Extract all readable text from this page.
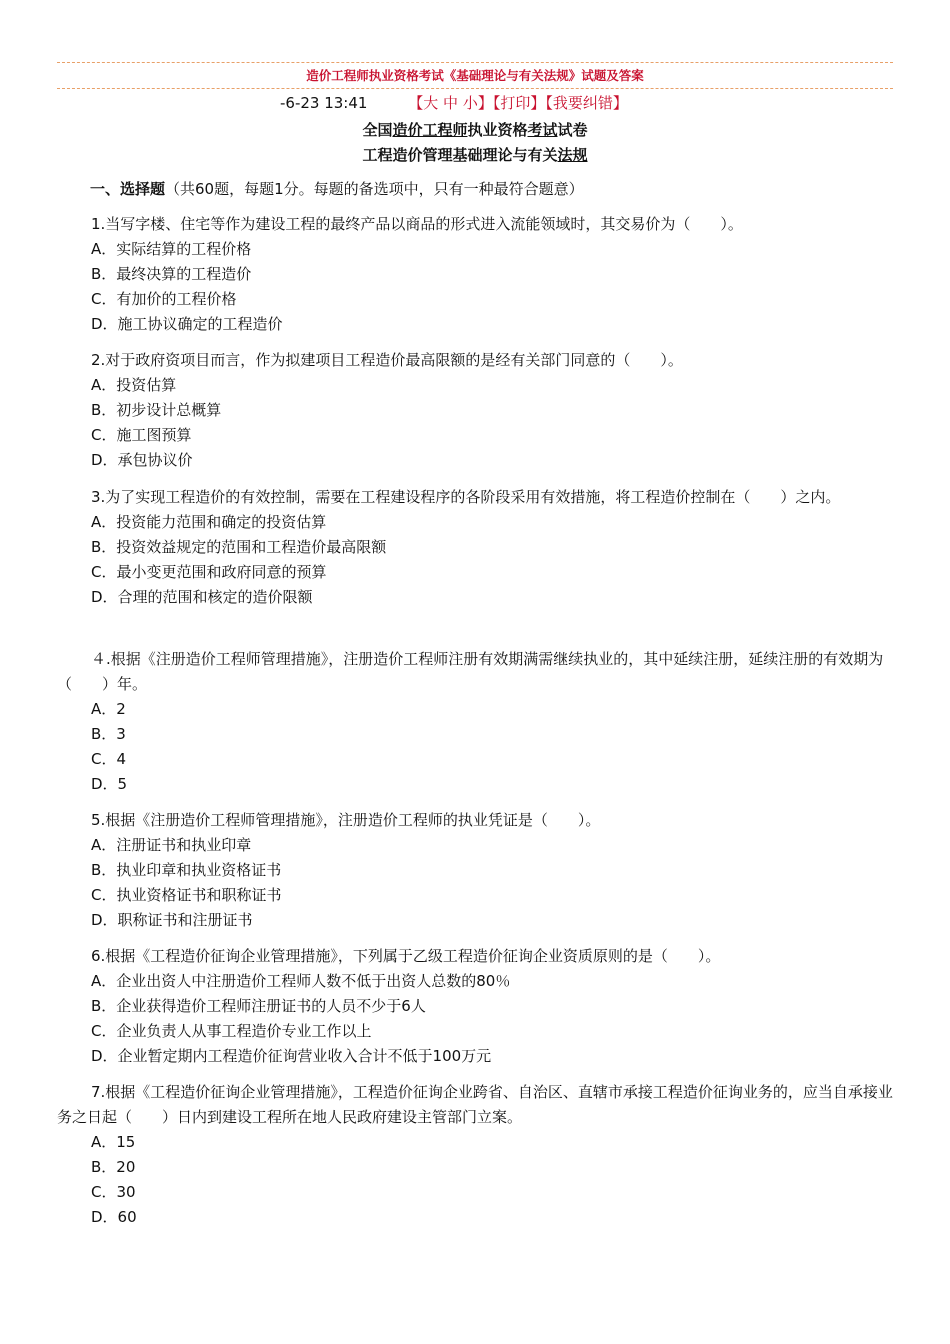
造价工程师执业资格考试《基础理论与有关法规》试题及答案
-6-23 13:41	【大 中 小】【打印】【我要纠错】
全国造价工程师执业资格考试试卷
工程造价管理基础理论与有关法规
一、选择题（共60题，每题1分。每题的备选项中，只有一种最符合题意）

1.当写字楼、住宅等作为建设工程的最终产品以商品的形式进入流能领域时，其交易价为（　　）。

A．实际结算的工程价格

B．最终决算的工程造价

C．有加价的工程价格

D．施工协议确定的工程造价

2.对于政府资项目而言，作为拟建项目工程造价最高限额的是经有关部门同意的（　　）。

A．投资估算

B．初步设计总概算

C．施工图预算

D．承包协议价

3.为了实现工程造价的有效控制，需要在工程建设程序的各阶段采用有效措施，将工程造价控制在（　　）之内。

A．投资能力范围和确定的投资估算

B．投资效益规定的范围和工程造价最高限额

C．最小变更范围和政府同意的预算

D．合理的范围和核定的造价限额

４.根据《注册造价工程师管理措施》，注册造价工程师注册有效期满需继续执业的，其中延续注册，延续注册的有效期为（　　）年。

A．2

B．3

C．4

D．5

5.根据《注册造价工程师管理措施》，注册造价工程师的执业凭证是（　　）。

A．注册证书和执业印章

B．执业印章和执业资格证书

C．执业资格证书和职称证书

D．职称证书和注册证书

6.根据《工程造价征询企业管理措施》，下列属于乙级工程造价征询企业资质原则的是（　　）。

A．企业出资人中注册造价工程师人数不低于出资人总数的80％

B．企业获得造价工程师注册证书的人员不少于6人

C．企业负责人从事工程造价专业工作以上

D．企业暂定期内工程造价征询营业收入合计不低于100万元

7.根据《工程造价征询企业管理措施》，工程造价征询企业跨省、自治区、直辖市承接工程造价征询业务的，应当自承接业务之日起（　　）日内到建设工程所在地人民政府建设主管部门立案。

A．15

B．20

C．30

D．60
